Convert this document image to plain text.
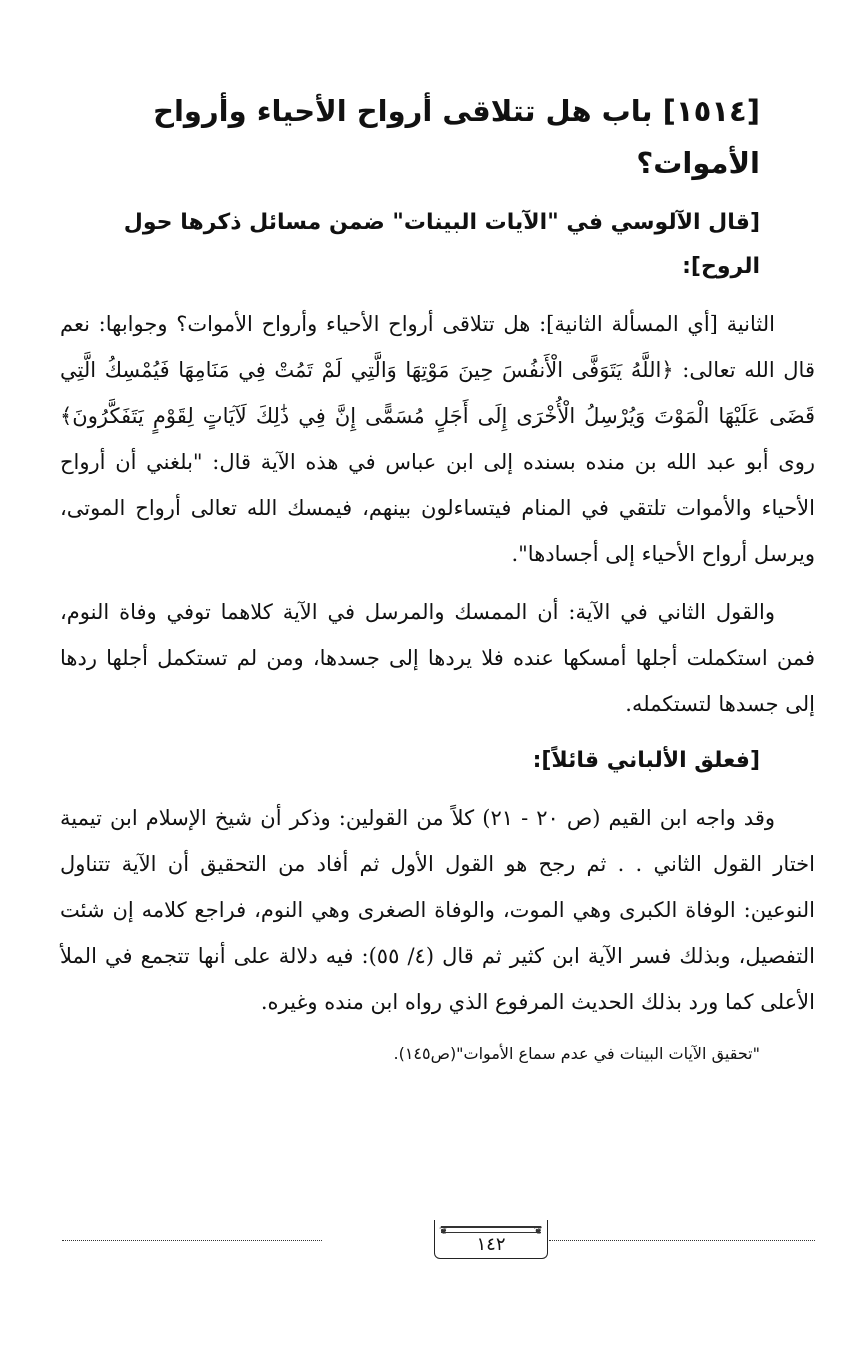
[١٥١٤] باب هل تتلاقى أرواح الأحياء وأرواح الأموات؟
[قال الآلوسي في "الآيات البينات" ضمن مسائل ذكرها حول الروح]:

الثانية [أي المسألة الثانية]: هل تتلاقى أرواح الأحياء وأرواح الأموات؟ وجوابها: نعم قال الله تعالى: ﴿اللَّهُ يَتَوَفَّى الْأَنفُسَ حِينَ مَوْتِهَا وَالَّتِي لَمْ تَمُتْ فِي مَنَامِهَا فَيُمْسِكُ الَّتِي قَضَى عَلَيْهَا الْمَوْتَ وَيُرْسِلُ الْأُخْرَى إِلَى أَجَلٍ مُسَمًّى إِنَّ فِي ذَٰلِكَ لَآيَاتٍ لِقَوْمٍ يَتَفَكَّرُونَ﴾ روى أبو عبد الله بن منده بسنده إلى ابن عباس في هذه الآية قال: "بلغني أن أرواح الأحياء والأموات تلتقي في المنام فيتساءلون بينهم، فيمسك الله تعالى أرواح الموتى، ويرسل أرواح الأحياء إلى أجسادها".

والقول الثاني في الآية: أن الممسك والمرسل في الآية كلاهما توفي وفاة النوم، فمن استكملت أجلها أمسكها عنده فلا يردها إلى جسدها، ومن لم تستكمل أجلها ردها إلى جسدها لتستكمله.

[فعلق الألباني قائلاً]:

وقد واجه ابن القيم (ص ٢٠ - ٢١) كلاً من القولين: وذكر أن شيخ الإسلام ابن تيمية اختار القول الثاني . . ثم رجح هو القول الأول ثم أفاد من التحقيق أن الآية تتناول النوعين: الوفاة الكبرى وهي الموت، والوفاة الصغرى وهي النوم، فراجع كلامه إن شئت التفصيل، وبذلك فسر الآية ابن كثير ثم قال (٤/ ٥٥): فيه دلالة على أنها تتجمع في الملأ الأعلى كما ورد بذلك الحديث المرفوع الذي رواه ابن منده وغيره.

"تحقيق الآيات البينات في عدم سماع الأموات"(ص١٤٥).
❦
❦
١٤٢
